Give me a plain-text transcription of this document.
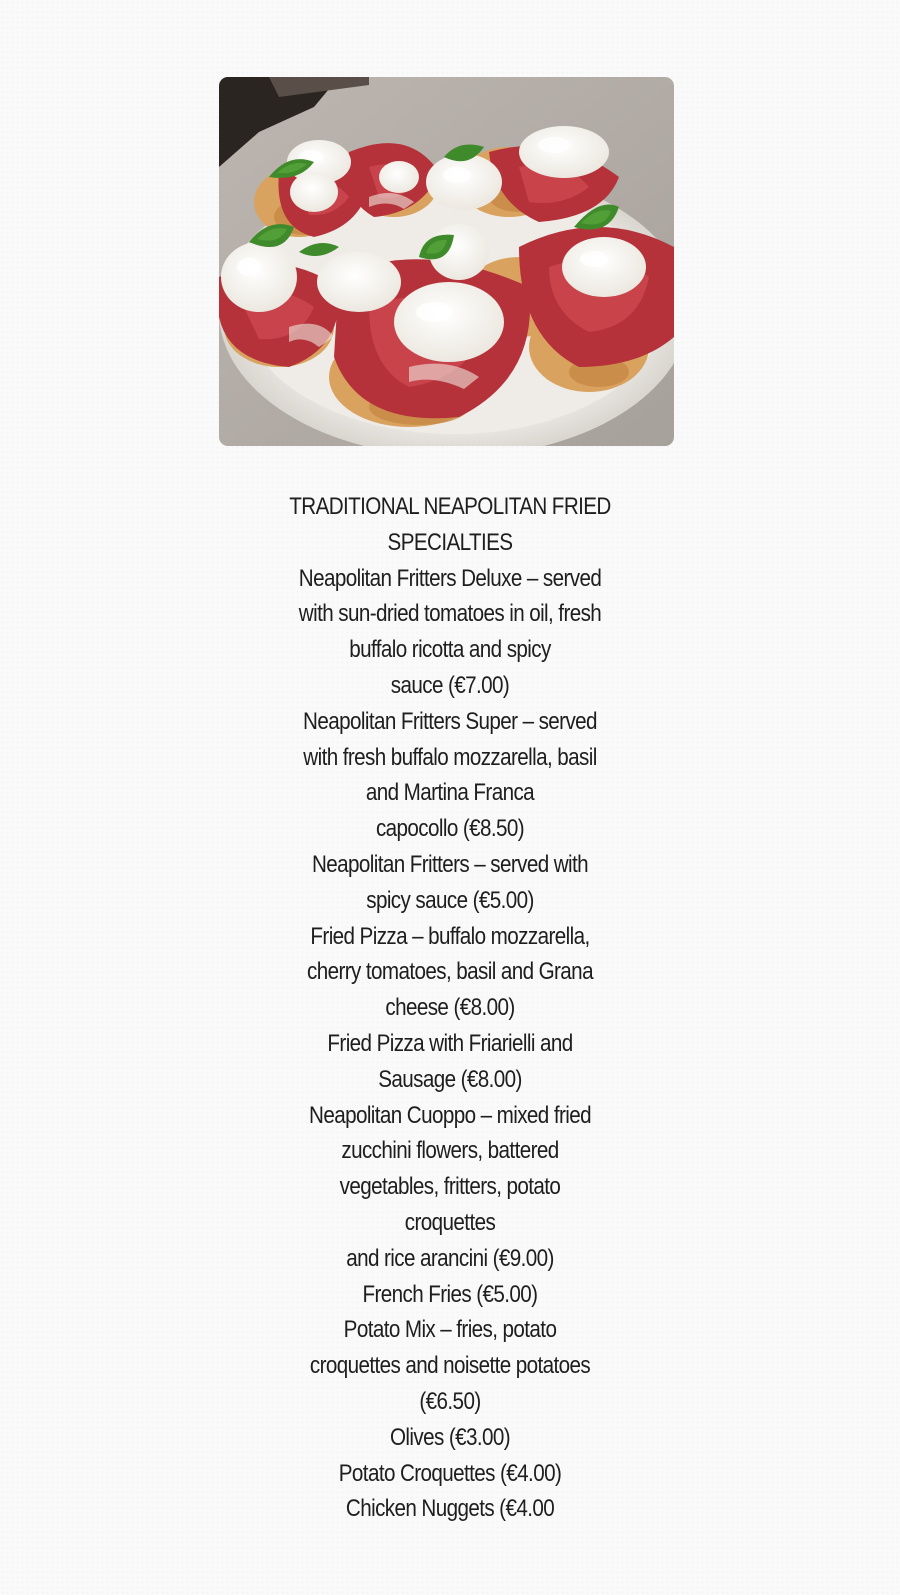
TRADITIONAL NEAPOLITAN FRIED
SPECIALTIES
Neapolitan Fritters Deluxe – served
with sun-dried tomatoes in oil, fresh
buffalo ricotta and spicy
sauce (€7.00)
Neapolitan Fritters Super – served
with fresh buffalo mozzarella, basil
and Martina Franca
capocollo (€8.50)
Neapolitan Fritters – served with
spicy sauce (€5.00)
Fried Pizza – buffalo mozzarella,
cherry tomatoes, basil and Grana
cheese (€8.00)
Fried Pizza with Friarielli and
Sausage (€8.00)
Neapolitan Cuoppo – mixed fried
zucchini flowers, battered
vegetables, fritters, potato
croquettes
and rice arancini (€9.00)
French Fries (€5.00)
Potato Mix – fries, potato
croquettes and noisette potatoes
(€6.50)
Olives (€3.00)
Potato Croquettes (€4.00)
Chicken Nuggets (€4.00
